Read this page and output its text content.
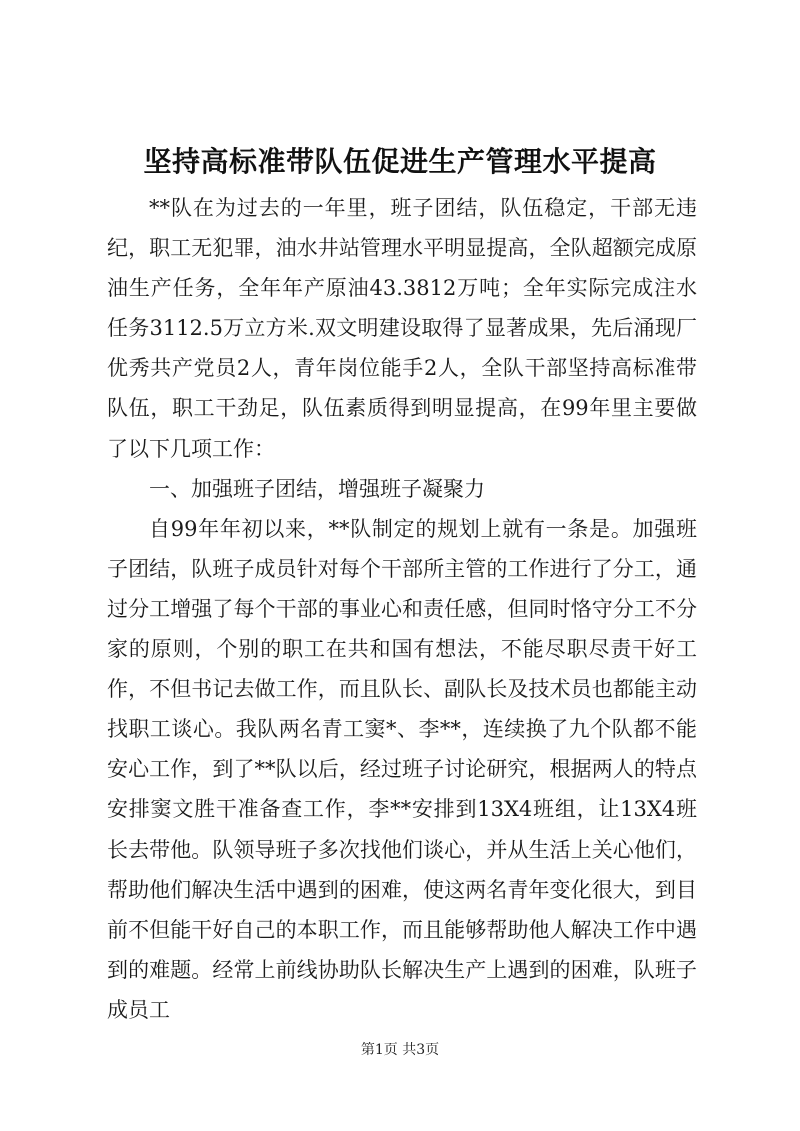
坚持高标准带队伍促进生产管理水平提高

**队在为过去的一年里，班子团结，队伍稳定，干部无违纪，职工无犯罪，油水井站管理水平明显提高，全队超额完成原油生产任务，全年年产原油43.3812万吨；全年实际完成注水任务3112.5万立方米.双文明建设取得了显著成果，先后涌现厂优秀共产党员2人，青年岗位能手2人，全队干部坚持高标准带队伍，职工干劲足，队伍素质得到明显提高，在99年里主要做了以下几项工作：

一、加强班子团结，增强班子凝聚力

自99年年初以来，**队制定的规划上就有一条是。加强班子团结，队班子成员针对每个干部所主管的工作进行了分工，通过分工增强了每个干部的事业心和责任感，但同时恪守分工不分家的原则，个别的职工在共和国有想法，不能尽职尽责干好工作，不但书记去做工作，而且队长、副队长及技术员也都能主动找职工谈心。我队两名青工窦*、李**，连续换了九个队都不能安心工作，到了**队以后，经过班子讨论研究，根据两人的特点安排窦文胜干准备查工作，李**安排到13X4班组，让13X4班长去带他。队领导班子多次找他们谈心，并从生活上关心他们，帮助他们解决生活中遇到的困难，使这两名青年变化很大，到目前不但能干好自己的本职工作，而且能够帮助他人解决工作中遇到的难题。经常上前线协助队长解决生产上遇到的困难，队班子成员工

第1页 共3页
